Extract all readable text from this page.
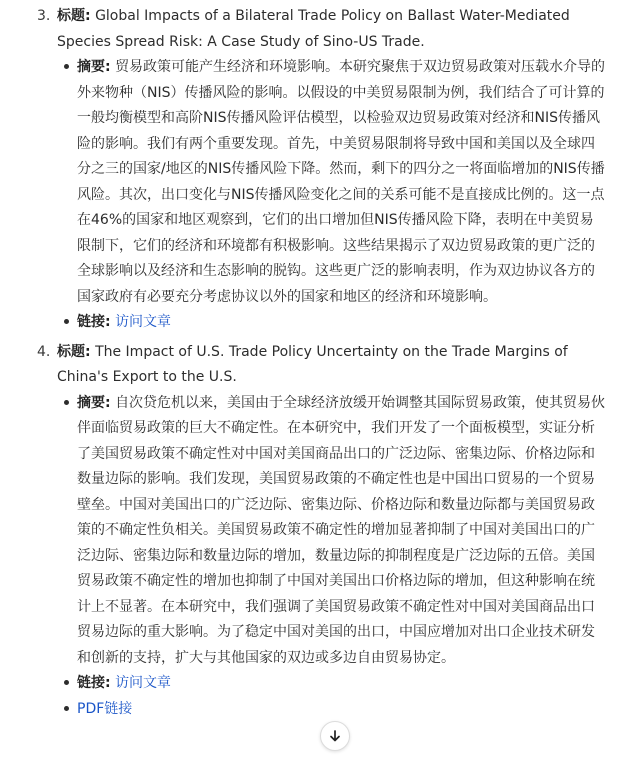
3. 标题: Global Impacts of a Bilateral Trade Policy on Ballast Water-Mediated Species Spread Risk: A Case Study of Sino-US Trade.

摘要: 贸易政策可能产生经济和环境影响。本研究聚焦于双边贸易政策对压载水介导的外来物种（NIS）传播风险的影响。以假设的中美贸易限制为例，我们结合了可计算的一般均衡模型和高阶NIS传播风险评估模型，以检验双边贸易政策对经济和NIS传播风险的影响。我们有两个重要发现。首先，中美贸易限制将导致中国和美国以及全球四分之三的国家/地区的NIS传播风险下降。然而，剩下的四分之一将面临增加的NIS传播风险。其次，出口变化与NIS传播风险变化之间的关系可能不是直接成比例的。这一点在46%的国家和地区观察到，它们的出口增加但NIS传播风险下降，表明在中美贸易限制下，它们的经济和环境都有积极影响。这些结果揭示了双边贸易政策的更广泛的全球影响以及经济和生态影响的脱钩。这些更广泛的影响表明，作为双边协议各方的国家政府有必要充分考虑协议以外的国家和地区的经济和环境影响。
链接: 访问文章
4. 标题: The Impact of U.S. Trade Policy Uncertainty on the Trade Margins of China's Export to the U.S.

摘要: 自次贷危机以来，美国由于全球经济放缓开始调整其国际贸易政策，使其贸易伙伴面临贸易政策的巨大不确定性。在本研究中，我们开发了一个面板模型，实证分析了美国贸易政策不确定性对中国对美国商品出口的广泛边际、密集边际、价格边际和数量边际的影响。我们发现，美国贸易政策的不确定性也是中国出口贸易的一个贸易壁垒。中国对美国出口的广泛边际、密集边际、价格边际和数量边际都与美国贸易政策的不确定性负相关。美国贸易政策不确定性的增加显著抑制了中国对美国出口的广泛边际、密集边际和数量边际的增加，数量边际的抑制程度是广泛边际的五倍。美国贸易政策不确定性的增加也抑制了中国对美国出口价格边际的增加，但这种影响在统计上不显著。在本研究中，我们强调了美国贸易政策不确定性对中国对美国商品出口贸易边际的重大影响。为了稳定中国对美国的出口，中国应增加对出口企业技术研发和创新的支持，扩大与其他国家的双边或多边自由贸易协定。
链接: 访问文章
PDF链接
